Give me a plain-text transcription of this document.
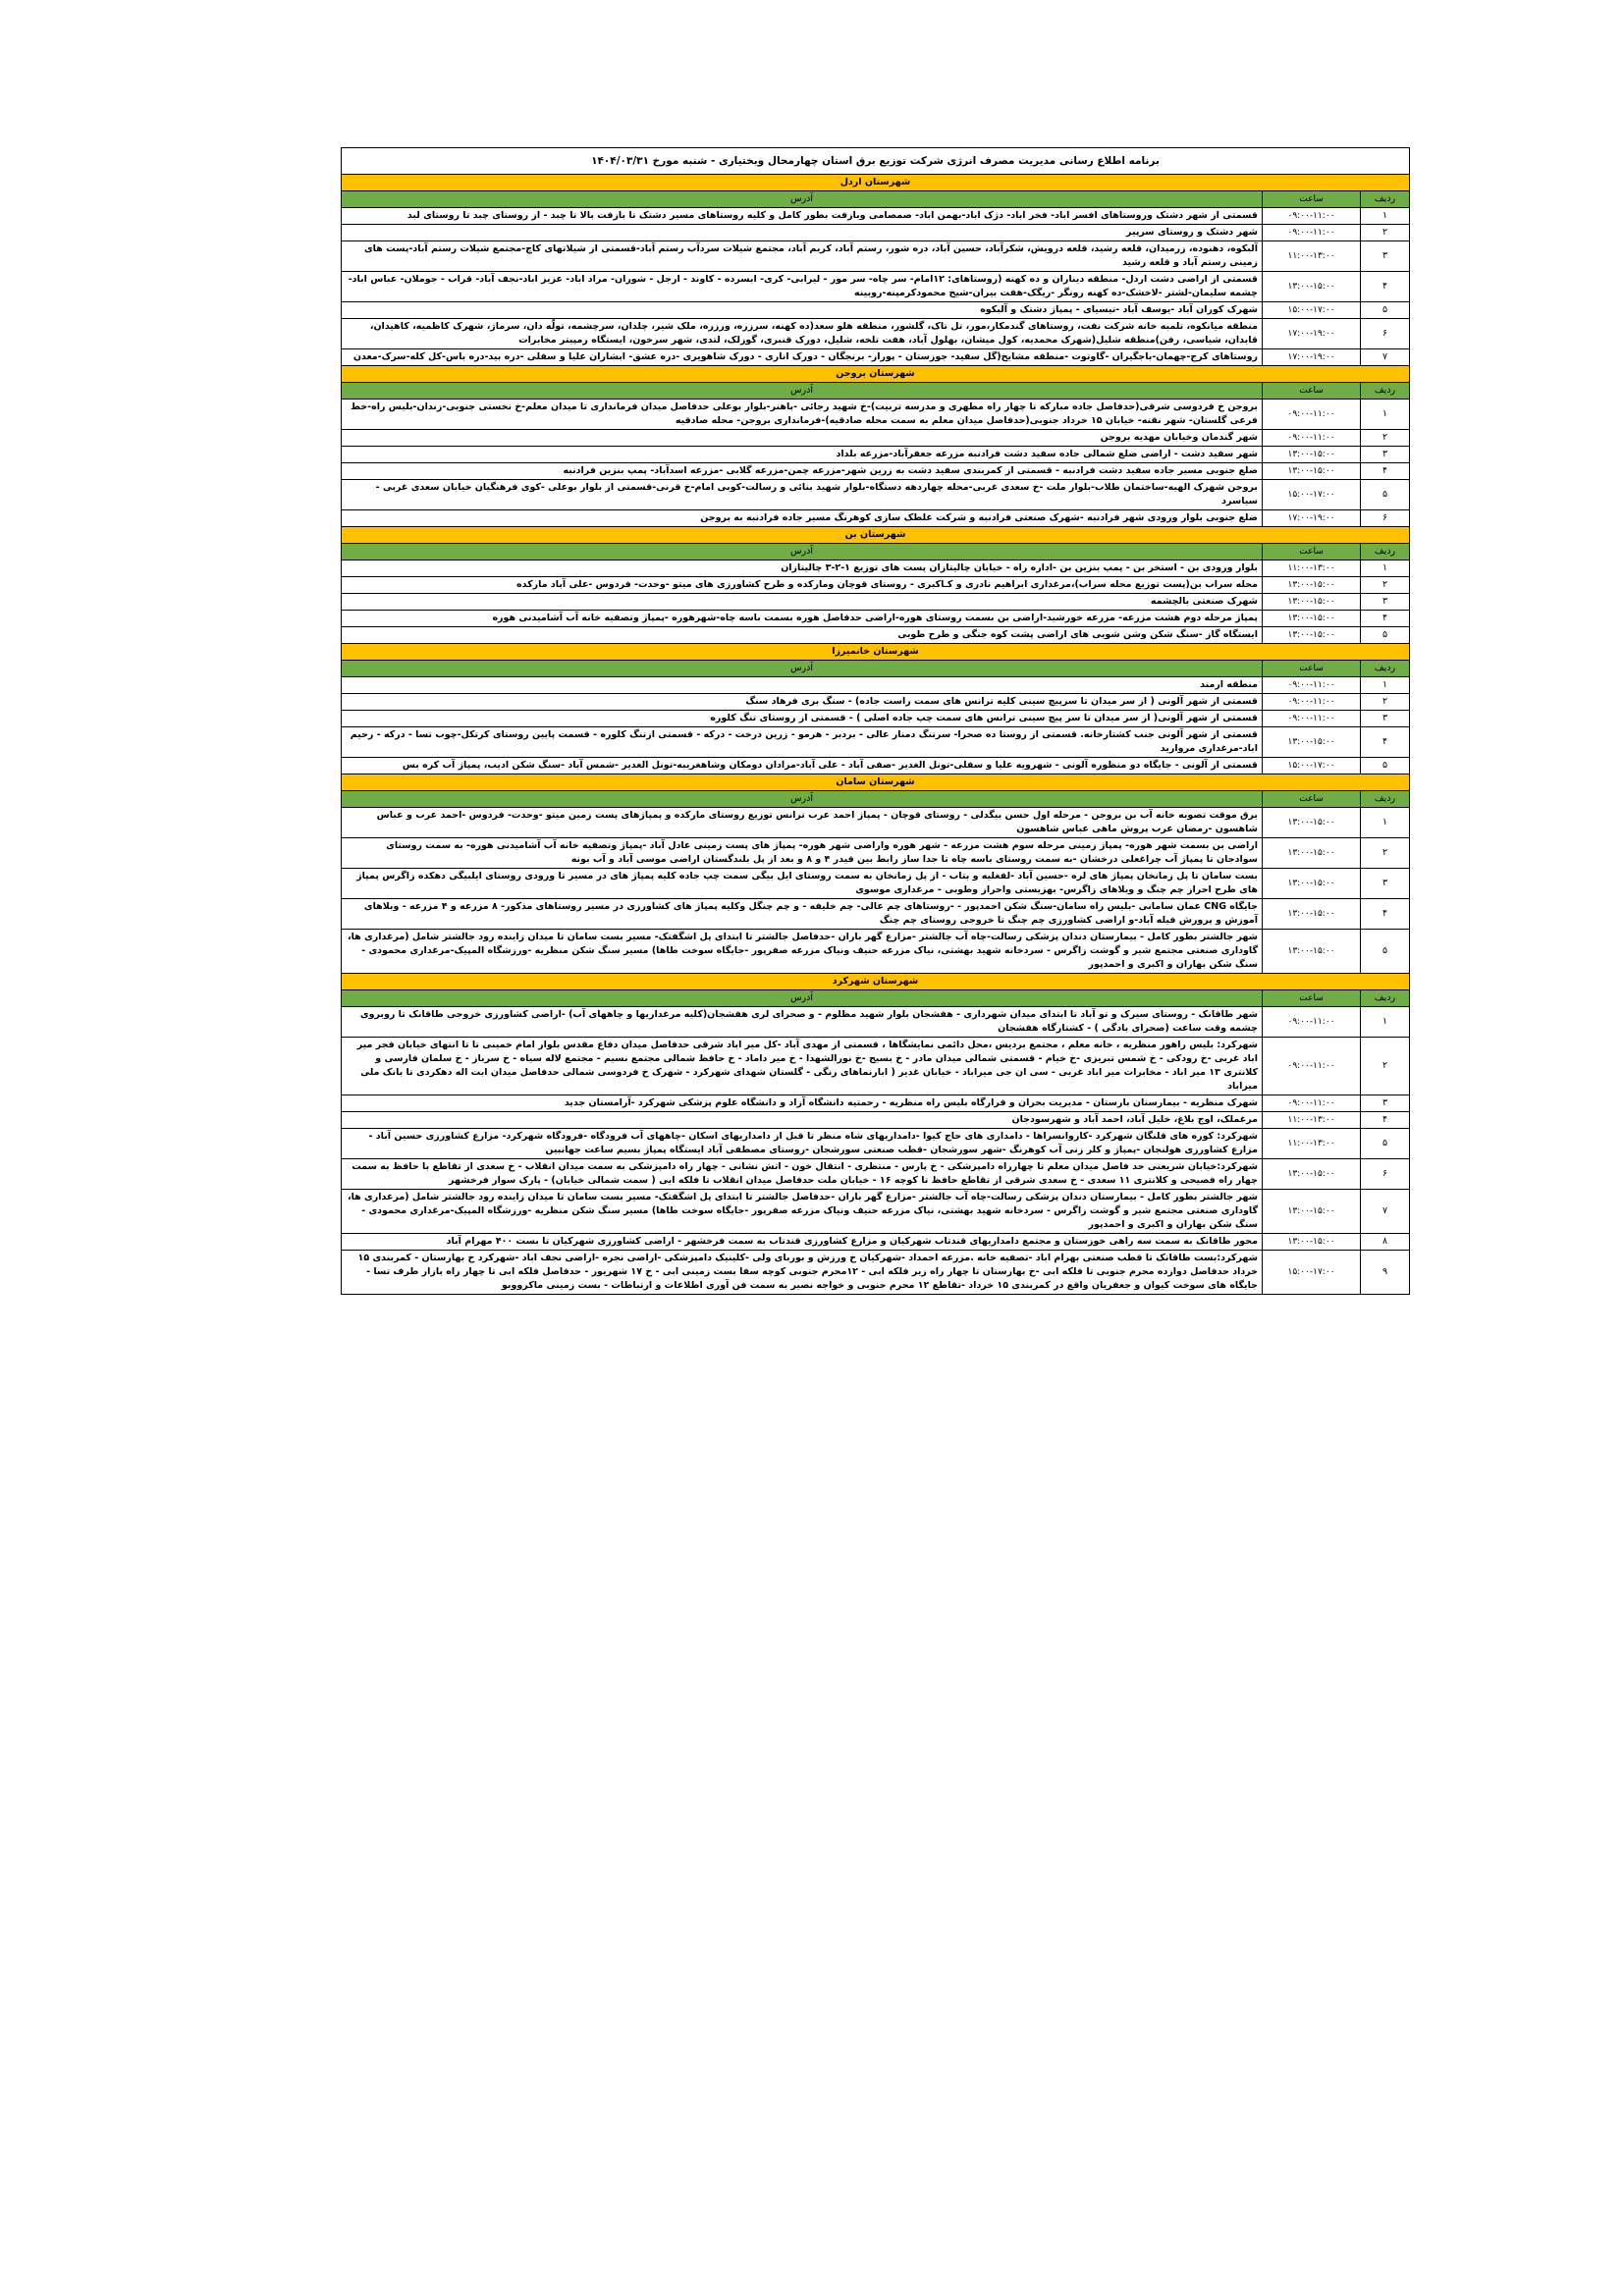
برنامه اطلاع رسانی مدیریت مصرف انرژی شرکت توزیع برق استان چهارمحال وبختیاری - شنبه مورخ ۱۴۰۴/۰۳/۳۱		
شهرستان اردل		
ردیف	ساعت	آدرس
۱	۰۹:۰۰-۱۱:۰۰	قسمتی از شهر دشتک وروستاهای افسر اباد- فخر اباد- دژک اباد-بهمن اباد- صمصامی وبازفت بطور کامل و کلیه روستاهای مسیر دشتک تا بازفت بالا تا چبد - از روستای چبد تا روستای لبد
۲	۰۹:۰۰-۱۱:۰۰	شهر دشتک و روستای سرپیر
۳	۱۱:۰۰-۱۳:۰۰	آلبکوه، دهنوده، زرمیدان، قلعه رشید، قلعه درویش، شکرآباد، حسین آباد، دره شور، رستم آباد، کریم آباد، مجتمع شیلات سردآب رستم آباد-قسمتی از شیلاتهای کاچ-مجتمع شیلات رستم آباد-پست های زمینی رستم آباد و قلعه رشید
۴	۱۳:۰۰-۱۵:۰۰	قسمتی از اراضی دشت اردل- منطقه دیناران و ده کهنه (روستاهای: ۱۲امام- سر چاه- سر مور - لیرابی- کری- ابسرده - کاوند - ارجل - شوران- مراد اباد- عزیز اباد-نجف آباد- قراب - جوملان- عباس اباد- چشمه سلیمان-لشتر -لاخشک-ده کهنه رونگر -ریگک-هفت بیران-شیخ محمودکرمپنه-روبینه
۵	۱۵:۰۰-۱۷:۰۰	شهرک کوران آباد -یوسف آباد -تیسیای - پمپاژ دشتک و آلبکوه
۶	۱۷:۰۰-۱۹:۰۰	منطقه میانکوه، تلمبه خانه شرکت نفت، روستاهای گندمکار،مور، تل تاک، گلشور، منطقه هلو سعد(ده کهنه، سرزره، ورزره، ملک شیر، چلدان، سرچشمه، تولّه دان، سرماژ، شهرک کاظمیه، کاهیدان، قابدان، شیاسی، رفن)منطقه شلیل(شهرک محمدیه، کول میشان، بهلول آباد، هفت تلخه، شلیل، دورک قنبری، گوزلک، لتدی، شهر سرخون، ایستگاه رمپیتر مخابرات
۷	۱۷:۰۰-۱۹:۰۰	روستاهای کرج-چهمان-باجگیران -گاوتوت -منطقه مشایخ(گل سفید- جوزستان - پوراز- برنجگان - دورک اناری - دورک شاهویری -دره عشق- ابشاران علیا و سفلی -دره بید-دره باس-کل کله-سرک-معدن
شهرستان بروجن		
ردیف	ساعت	آدرس
۱	۰۹:۰۰-۱۱:۰۰	بروجن خ فردوسی شرقی(حدفاصل جاده مبارکه تا چهار راه مطهری و مدرسه تربیت)-خ شهید رجائی -باهنر-بلوار بوعلی حدفاصل میدان فرمانداری تا میدان معلم-خ نخستی جنوبی-زندان-بلیس راه-خط فرعی گلستان- شهر نقنه- خیابان ۱۵ خرداد جنوبی(حدفاصل میدان معلم به سمت محله صادقیه)-فرمانداری بروجن- محله صادقیه
۲	۰۹:۰۰-۱۱:۰۰	شهر گندمان وخیابان مهدیه بروجن
۳	۱۳:۰۰-۱۵:۰۰	شهر سفید دشت - اراضی ضلع شمالی جاده سفید دشت فرادنبه مزرعه جعفرآباد-مزرعه بلداد
۴	۱۳:۰۰-۱۵:۰۰	ضلع جنوبی مسیر جاده سفید دشت فرادنبه - قسمتی از کمربندی سفید دشت به زرین شهر-مزرعه چمن-مزرعه گلابی -مزرعه اسدآباد- پمپ بنزین فرادنبه
۵	۱۵:۰۰-۱۷:۰۰	بروجن شهرک الهیه-ساختمان طلاب-بلوار ملت -خ سعدی غربی-محله چهاردهه دستگاه-بلوار شهید بنائی و رسالت-کوبی امام-خ قرنی-قسمتی از بلوار بوعلی -کوی فرهنگیان خیابان سعدی غربی - سیاسرد
۶	۱۷:۰۰-۱۹:۰۰	ضلع جنوبی بلوار ورودی شهر فرادنبه -شهرک صنعتی فرادنبه و شرکت غلطک سازی کوهرنگ مسیر جاده فرادنبه به بروجن
شهرستان بن		
ردیف	ساعت	آدرس
۱	۱۱:۰۰-۱۳:۰۰	بلوار ورودی بن - استخر بن - پمپ بنزین بن -اداره راه - خیابان چالیتازان پست های توزیع ۱-۲-۳ چالیتازان
۲	۱۳:۰۰-۱۵:۰۰	محله سراب بن(پست توزیع محله سراب)،مرغداری ابراهیم نادری و کـاکبری - روستای قوچان ومارکده و طرح کشاورزی های میتو -وحدت- فردوس -علی آباد مارکده
۳	۱۳:۰۰-۱۵:۰۰	شهرک صنعتی بالچشمه
۴	۱۳:۰۰-۱۵:۰۰	پمپاژ مرحله دوم هشت مزرعه- مزرعه خورشید-اراضی بن بسمت روستای هوره-اراضی حدفاصل هوره بسمت باسه چاه-شهرهوره -پمپاژ وتصفیه خانه آب آشامیدنی هوره
۵	۱۳:۰۰-۱۵:۰۰	ایستگاه گاز -سنگ شکن وشن شویی های اراضی پشت کوه جنگی و طرح طوبی
شهرستان خانمیرزا		
ردیف	ساعت	آدرس
۱	۰۹:۰۰-۱۱:۰۰	منطقه ارمند
۲	۰۹:۰۰-۱۱:۰۰	قسمتی از شهر آلونی ( از سر میدان تا سرپیچ سینی کلیه ترانس های سمت راست جاده) - سنگ بری فرهاد سنگ
۳	۰۹:۰۰-۱۱:۰۰	قسمتی از شهر آلونی( از سر میدان تا سر پیچ سینی ترانس های سمت چپ جاده اصلی ) - قسمتی از روستای تنگ کلوره
۴	۱۳:۰۰-۱۵:۰۰	قسمتی از شهر آلونی جنب کشتارخانه. قسمتی از روستا ده صحرا- سرتنگ دمنار عالی - بردبر - هرمو - زرین درخت - درکه - قسمتی ازتنگ کلوره - قسمت پایین روستای کرتکل-چوب تسا - درکه - رحیم اباد-مرغداری مروارید
۵	۱۵:۰۰-۱۷:۰۰	قسمتی از آلونی - جایگاه دو منظوره آلونی - شهرویه علیا و سفلی-تونل الغدیر -صفی آباد - علی آباد-مرادان دومکان وشاهغریبه-تونل الغدیر -شمس آباد -سنگ شکن ادیب، پمپاژ آب کره بس
شهرستان سامان		
ردیف	ساعت	آدرس
۱	۱۳:۰۰-۱۵:۰۰	برق موقت تصوبه خانه آب بن بروجن - مرحله اول حسن بیگدلی - روستای قوچان - پمپاژ احمد عرب ترانس توزیع روستای مارکده و پمپاژهای پست زمین میتو -وحدت- فردوس -احمد عرب و عباس شاهسون -رمضان عرب پروش ماهی عباس شاهسون
۲	۱۳:۰۰-۱۵:۰۰	اراضی بن بسمت شهر هوره- پمپاژ زمینی مرحله سوم هشت مزرعه - شهر هوره واراضی شهر هوره- پمپاژ های پست زمینی عادل آباد -پمپاژ وتصفیه خانه آب آشامیدنی هوره- به سمت روستای سوادجان تا پمپاژ آب چراغعلی درخشان -به سمت روستای باسه چاه تا جدا ساز رابط بین قیدر ۴ و ۸ و بعد از پل بلندگستان اراضی موسی آباد و آب بونه
۳	۱۳:۰۰-۱۵:۰۰	بست سامان تا پل زمانخان پمپاژ های لره -حسین آباد -لفغلیه و بتاب - از پل زمانخان به سمت روستای ایل بیگی سمت چپ جاده کلیه پمپاژ های در مسیر تا ورودی روستای ایلبیگی دهکده زاگرس پمپاژ های طرح احراز چم چنگ و ویلاهای زاگرس- بهزیستی واحراز وطوبی - مرغداری موسوی
۴	۱۳:۰۰-۱۵:۰۰	جایگاه CNG عمان سامانی -بلیس راه سامان-سنگ شکن احمدپور - -روستاهای چم عالی- چم خلیفه - و چم چنگل وکلیه پمپاژ های کشاورزی در مسیر روستاهای مذکور- ۸ مزرعه و ۴ مزرعه - وبلاهای آموزش و پرورش فیله آباد-و اراضی کشاورزی چم چنگ تا خروجی روستای چم چنگ
۵	۱۳:۰۰-۱۵:۰۰	شهر جالشتر بطور کامل - بیمارستان دندان پزشکی رسالت-چاه آب جالشتر -مزارع گهر باران -حدفاصل جالشتر تا ابتدای پل اشگفتک- مسیر بست سامان تا میدان زاینده رود جالشتر شامل (مرغداری ها، گاوداری صنعتی مجتمع شیر و گوشت زاگرس - سردخانه شهید بهشتی، نیاک مزرعه حنیف ونیاک مزرعه صفرپور -جایگاه سوخت طاها) مسیر سنگ شکن منظریه -ورزشگاه المپیک-مرغداری محمودی - سنگ شکن بهاران و اکبری و احمدپور
شهرستان شهرکرد		
ردیف	ساعت	آدرس
۱	۰۹:۰۰-۱۱:۰۰	شهر طاقانک - روستای سیرک و تو آباد تا ابتدای میدان شهرداری - هفشجان بلوار شهید مظلوم - و صحرای لری هفشجان(کلیه مرغداریها و چاههای آب) -اراضی کشاورزی خروجی طاقانک تا روبروی چشمه وقت ساعت (صحرای بادگی ) - کشتارگاه هفشجان
۲	۰۹:۰۰-۱۱:۰۰	شهرکرد: بلیس راهور منظریه ، خانه معلم ، مجتمع بردیس ،محل دائمی نمایشگاها ، قسمتی از مهدی آباد -کل میر اباد شرقی حدفاصل میدان دفاع مقدس بلوار امام خمینی تا تا انتهای خیابان فجر میر اباد غربی -خ رودکی - خ شمس تبریزی -خ خیام - قسمتی شمالی میدان مادر - خ بسیج -خ نورالشهدا - خ میر داماد - خ حافظ شمالی مجتمع نسیم - مجتمع لاله سیاه - خ سرباز - خ سلمان فارسی و کلانتری ۱۳ میر اباد - مخابرات میر اباد غربی - سی ان جی میراباد - خیابان غدیر ( ابارنماهای رنگی - گلستان شهدای شهرکرد - شهرک خ فردوسی شمالی حدفاصل میدان ابت اله دهکردی تا بانک ملی میراباد
۳	۰۹:۰۰-۱۱:۰۰	شهرک منظریه - بیمارستان بارستان - مدیریت بحران و قرارگاه بلیس راه منظریه - رحمتیه دانشگاه آزاد و دانشگاه علوم پزشکی شهرکرد -آرامستان جدید
۴	۱۱:۰۰-۱۳:۰۰	مرغملک، اوج بلاغ، خلیل آباد، احمد آباد و شهرسودجان
۵	۱۱:۰۰-۱۳:۰۰	شهرکرد: کوره های قلنگان شهرکرد -کاروانسراها - دامداری های حاج کیوا -دامداریهای شاه منظر تا قبل از دامداریهای اسکان -چاههای آب فرودگاه -فرودگاه شهرکرد- مزارع کشاورزی حسین آباد - مزارع کشاورزی هولنجان -پمپاژ و کلر زنی آب کوهرنگ -شهر سورشجان -قطب صنعتی سورشجان -روستای مصطفی آباد ایستگاه پمپاژ بسیم ساعت جهانبین
۶	۱۳:۰۰-۱۵:۰۰	شهرکرد:خیابان شریعتی حد فاصل میدان معلم تا چهارراه دامپزشکی - خ پارس - منتظری - انتقال خون - اتش نشانی - چهار راه دامپزشکی به سمت میدان انقلاب - خ سعدی از تقاطع با حافظ به سمت چهار راه فصیحی و کلانتری ۱۱ سعدی - خ سعدی شرقی از تقاطع حافظ تا کوچه ۱۶ - خیابان ملت حدفاصل میدان انقلاب تا فلکه ابی ( سمت شمالی خیابان) - پارک سوار فرخشهر
۷	۱۳:۰۰-۱۵:۰۰	شهر جالشتر بطور کامل - بیمارستان دندان پزشکی رسالت-چاه آب جالشتر -مزارع گهر باران -حدفاصل جالشتر تا ابتدای پل اشگفتک- مسیر بست سامان تا میدان زاینده رود جالشتر شامل (مرغداری ها، گاوداری صنعتی مجتمع شیر و گوشت زاگرس - سردخانه شهید بهشتی، نیاک مزرعه حنیف ونیاک مزرعه صفرپور -جایگاه سوخت طاها) مسیر سنگ شکن منظریه -ورزشگاه المپیک-مرغداری محمودی - سنگ شکن بهاران و اکبری و احمدپور
۸	۱۳:۰۰-۱۵:۰۰	محور طاقانک به سمت سه راهی خوزستان و مجتمع دامداریهای قندتاب شهرکیان و مزارع کشاورزی قندتاب به سمت فرخشهر - اراضی کشاورزی شهرکیان تا بست ۴۰۰ مهرام آباد
۹	۱۵:۰۰-۱۷:۰۰	شهرکرد:بست طاقانک تا قطب صنعتی بهرام اباد -تصفیه خانه .مزرعه احمداد -شهرکیان خ ورزش و بوربای ولی -کلینیک دامپزشکی -اراضی نجره -اراضی نجف اباد -شهرکرد خ بهارستان - کمربندی ۱۵ خرداد حدفاصل دوازده محرم جنوبی تا فلکه ابی -خ بهارستان تا چهار راه زیر فلکه ابی - ۱۲محرم جنوبی کوچه سفا بست زمینی ابی - خ ۱۷ شهریور - حدفاصل فلکه ابی تا چهار راه بازار طرف تسا - جایگاه های سوخت کیوان و جعفریان واقع در کمربندی ۱۵ خرداد -تقاطع ۱۲ محرم جنوبی و خواجه نصیر به سمت فن آوری اطلاعات و ارتباطات - بست زمینی ماکرووبو
